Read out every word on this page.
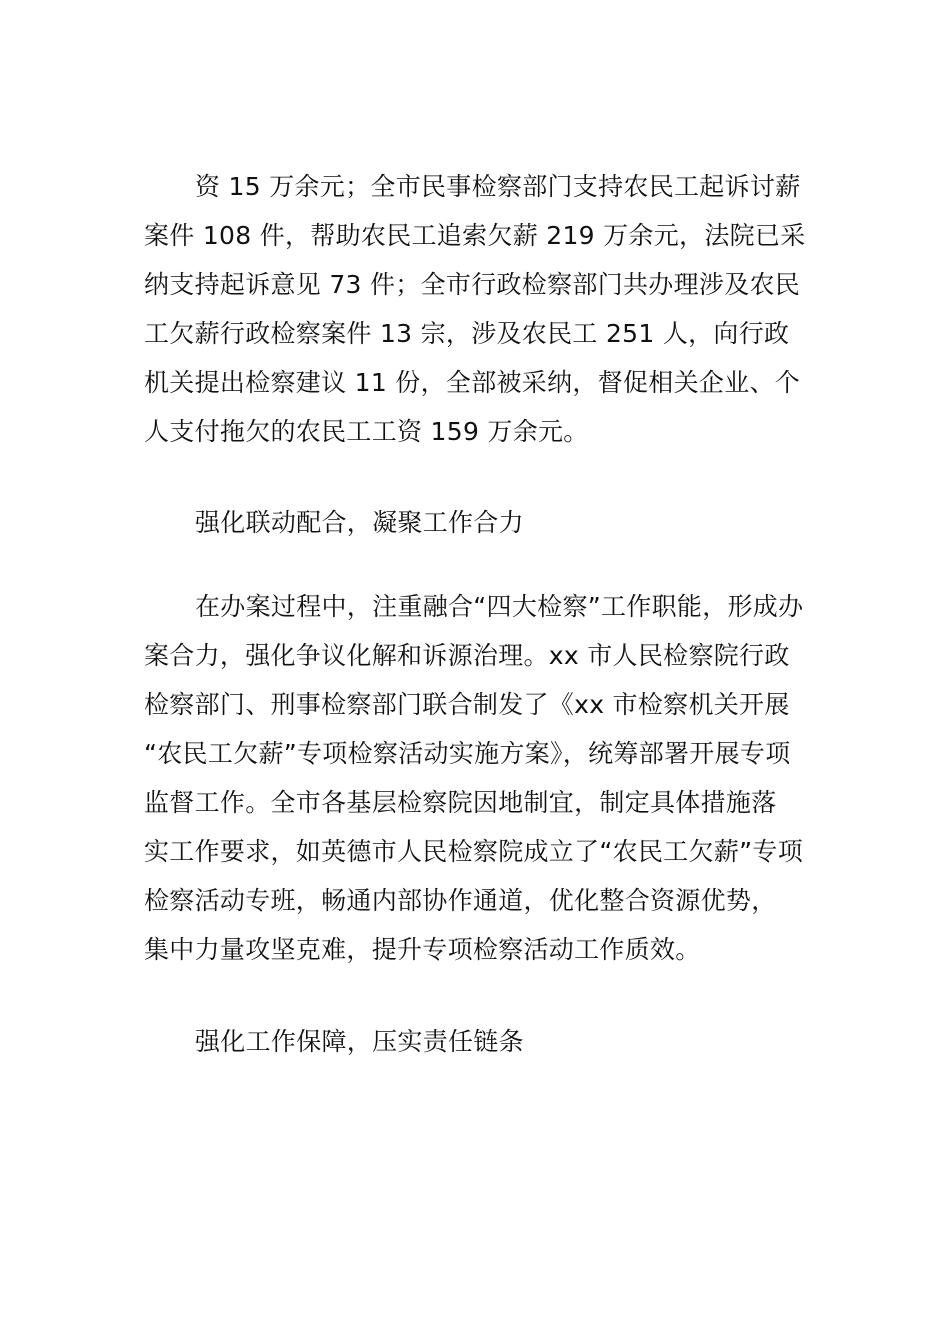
资 15 万余元；全市民事检察部门支持农民工起诉讨薪
案件 108 件，帮助农民工追索欠薪 219 万余元，法院已采
纳支持起诉意见 73 件；全市行政检察部门共办理涉及农民
工欠薪行政检察案件 13 宗，涉及农民工 251 人，向行政
机关提出检察建议 11 份，全部被采纳，督促相关企业、个
人支付拖欠的农民工工资 159 万余元。
强化联动配合，凝聚工作合力
在办案过程中，注重融合“四大检察”工作职能，形成办
案合力，强化争议化解和诉源治理。xx 市人民检察院行政
检察部门、刑事检察部门联合制发了《xx 市检察机关开展
“农民工欠薪”专项检察活动实施方案》，统筹部署开展专项
监督工作。全市各基层检察院因地制宜，制定具体措施落
实工作要求，如英德市人民检察院成立了“农民工欠薪”专项
检察活动专班，畅通内部协作通道，优化整合资源优势，
集中力量攻坚克难，提升专项检察活动工作质效。
强化工作保障，压实责任链条
